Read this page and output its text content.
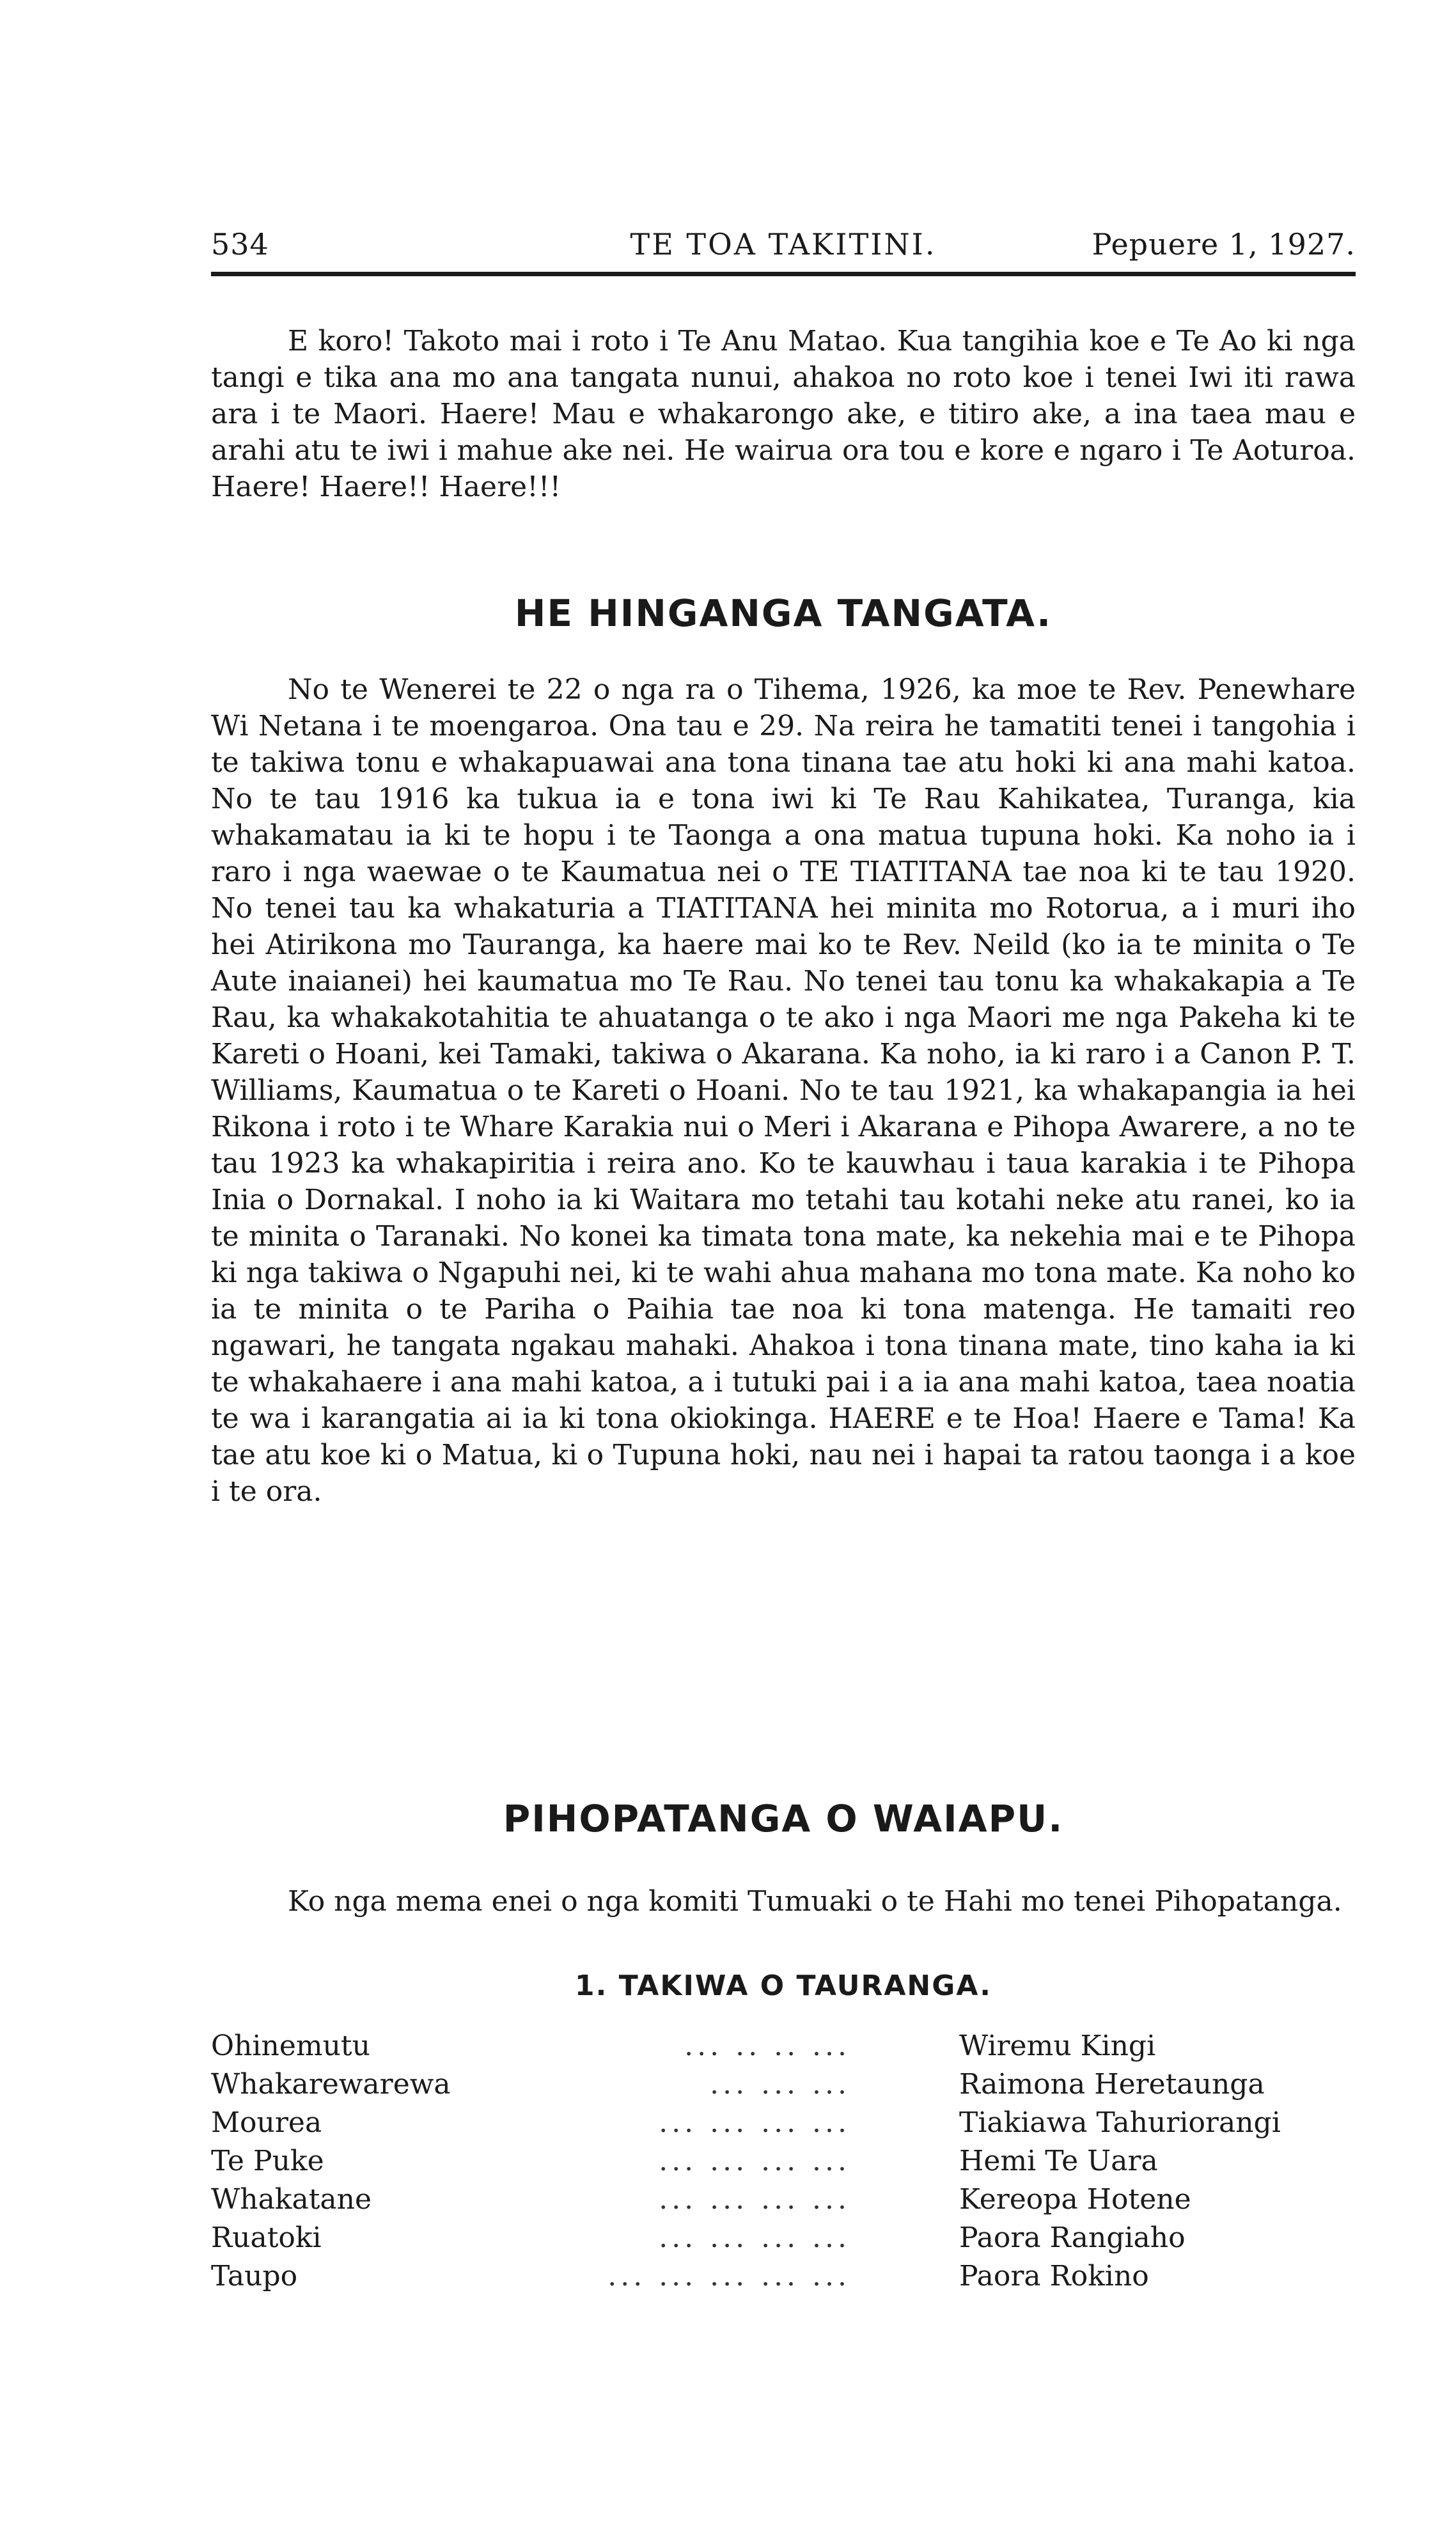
534	TE TOA TAKITINI.	Pepuere 1, 1927.

E koro! Takoto mai i roto i Te Anu Matao. Kua tangihia koe e Te Ao ki nga tangi e tika ana mo ana tangata nunui, ahakoa no roto koe i tenei Iwi iti rawa ara i te Maori. Haere! Mau e whakarongo ake, e titiro ake, a ina taea mau e arahi atu te iwi i mahue ake nei. He wairua ora tou e kore e ngaro i Te Aoturoa. Haere! Haere!! Haere!!!

HE HINGANGA TANGATA.

No te Wenerei te 22 o nga ra o Tihema, 1926, ka moe te Rev. Penewhare Wi Netana i te moengaroa. Ona tau e 29. Na reira he tamatiti tenei i tangohia i te takiwa tonu e whakapuawai ana tona tinana tae atu hoki ki ana mahi katoa. No te tau 1916 ka tukua ia e tona iwi ki Te Rau Kahikatea, Turanga, kia whakamatau ia ki te hopu i te Taonga a ona matua tupuna hoki. Ka noho ia i raro i nga waewae o te Kaumatua nei o TE TIATITANA tae noa ki te tau 1920. No tenei tau ka whakaturia a TIATITANA hei minita mo Rotorua, a i muri iho hei Atirikona mo Tauranga, ka haere mai ko te Rev. Neild (ko ia te minita o Te Aute inaianei) hei kaumatua mo Te Rau. No tenei tau tonu ka whakakapia a Te Rau, ka whakakotahitia te ahuatanga o te ako i nga Maori me nga Pakeha ki te Kareti o Hoani, kei Tamaki, takiwa o Akarana. Ka noho, ia ki raro i a Canon P. T. Williams, Kaumatua o te Kareti o Hoani. No te tau 1921, ka whakapangia ia hei Rikona i roto i te Whare Karakia nui o Meri i Akarana e Pihopa Awarere, a no te tau 1923 ka whakapiritia i reira ano. Ko te kauwhau i taua karakia i te Pihopa Inia o Dornakal. I noho ia ki Waitara mo tetahi tau kotahi neke atu ranei, ko ia te minita o Taranaki. No konei ka timata tona mate, ka nekehia mai e te Pihopa ki nga takiwa o Ngapuhi nei, ki te wahi ahua mahana mo tona mate. Ka noho ko ia te minita o te Pariha o Paihia tae noa ki tona matenga. He tamaiti reo ngawari, he tangata ngakau mahaki. Ahakoa i tona tinana mate, tino kaha ia ki te whakahaere i ana mahi katoa, a i tutuki pai i a ia ana mahi katoa, taea noatia te wa i karangatia ai ia ki tona okiokinga. HAERE e te Hoa! Haere e Tama! Ka tae atu koe ki o Matua, ki o Tupuna hoki, nau nei i hapai ta ratou taonga i a koe i te ora.

PIHOPATANGA O WAIAPU.

Ko nga mema enei o nga komiti Tumuaki o te Hahi mo tenei Pihopatanga.

1. TAKIWA O TAURANGA.
Ohinemutu	... .. .. ...	Wiremu Kingi
Whakarewarewa	... ... ...	Raimona Heretaunga
Mourea	... ... ... ...	Tiakiawa Tahuriorangi
Te Puke	... ... ... ...	Hemi Te Uara
Whakatane	... ... ... ...	Kereopa Hotene
Ruatoki	... ... ... ...	Paora Rangiaho
Taupo	... ... ... ... ...	Paora Rokino
